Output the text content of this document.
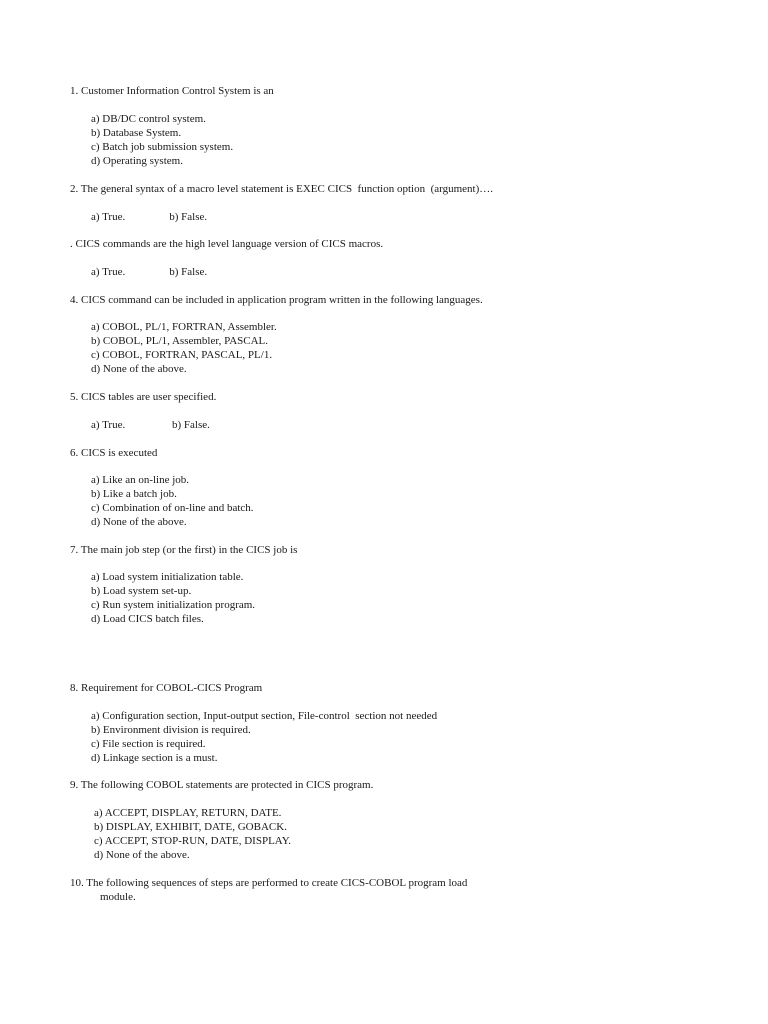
1. Customer Information Control System is an
a) DB/DC control system.
b) Database System.
c) Batch job submission system.
d) Operating system.
2. The general syntax of a macro level statement is EXEC CICS  function option  (argument)….
a) True.                b) False.
. CICS commands are the high level language version of CICS macros.
a) True.                b) False.
4. CICS command can be included in application program written in the following languages.
a) COBOL, PL/1, FORTRAN, Assembler.
b) COBOL, PL/1, Assembler, PASCAL.
c) COBOL, FORTRAN, PASCAL, PL/1.
d) None of the above.
5. CICS tables are user specified.
a) True.                 b) False.
6. CICS is executed
a) Like an on-line job.
b) Like a batch job.
c) Combination of on-line and batch.
d) None of the above.
7. The main job step (or the first) in the CICS job is
a) Load system initialization table.
b) Load system set-up.
c) Run system initialization program.
d) Load CICS batch files.
8. Requirement for COBOL-CICS Program
a) Configuration section, Input-output section, File-control  section not needed
b) Environment division is required.
c) File section is required.
d) Linkage section is a must.
9. The following COBOL statements are protected in CICS program.
a) ACCEPT, DISPLAY, RETURN, DATE.
b) DISPLAY, EXHIBIT, DATE, GOBACK.
c) ACCEPT, STOP-RUN, DATE, DISPLAY.
d) None of the above.
10. The following sequences of steps are performed to create CICS-COBOL program load
module.
